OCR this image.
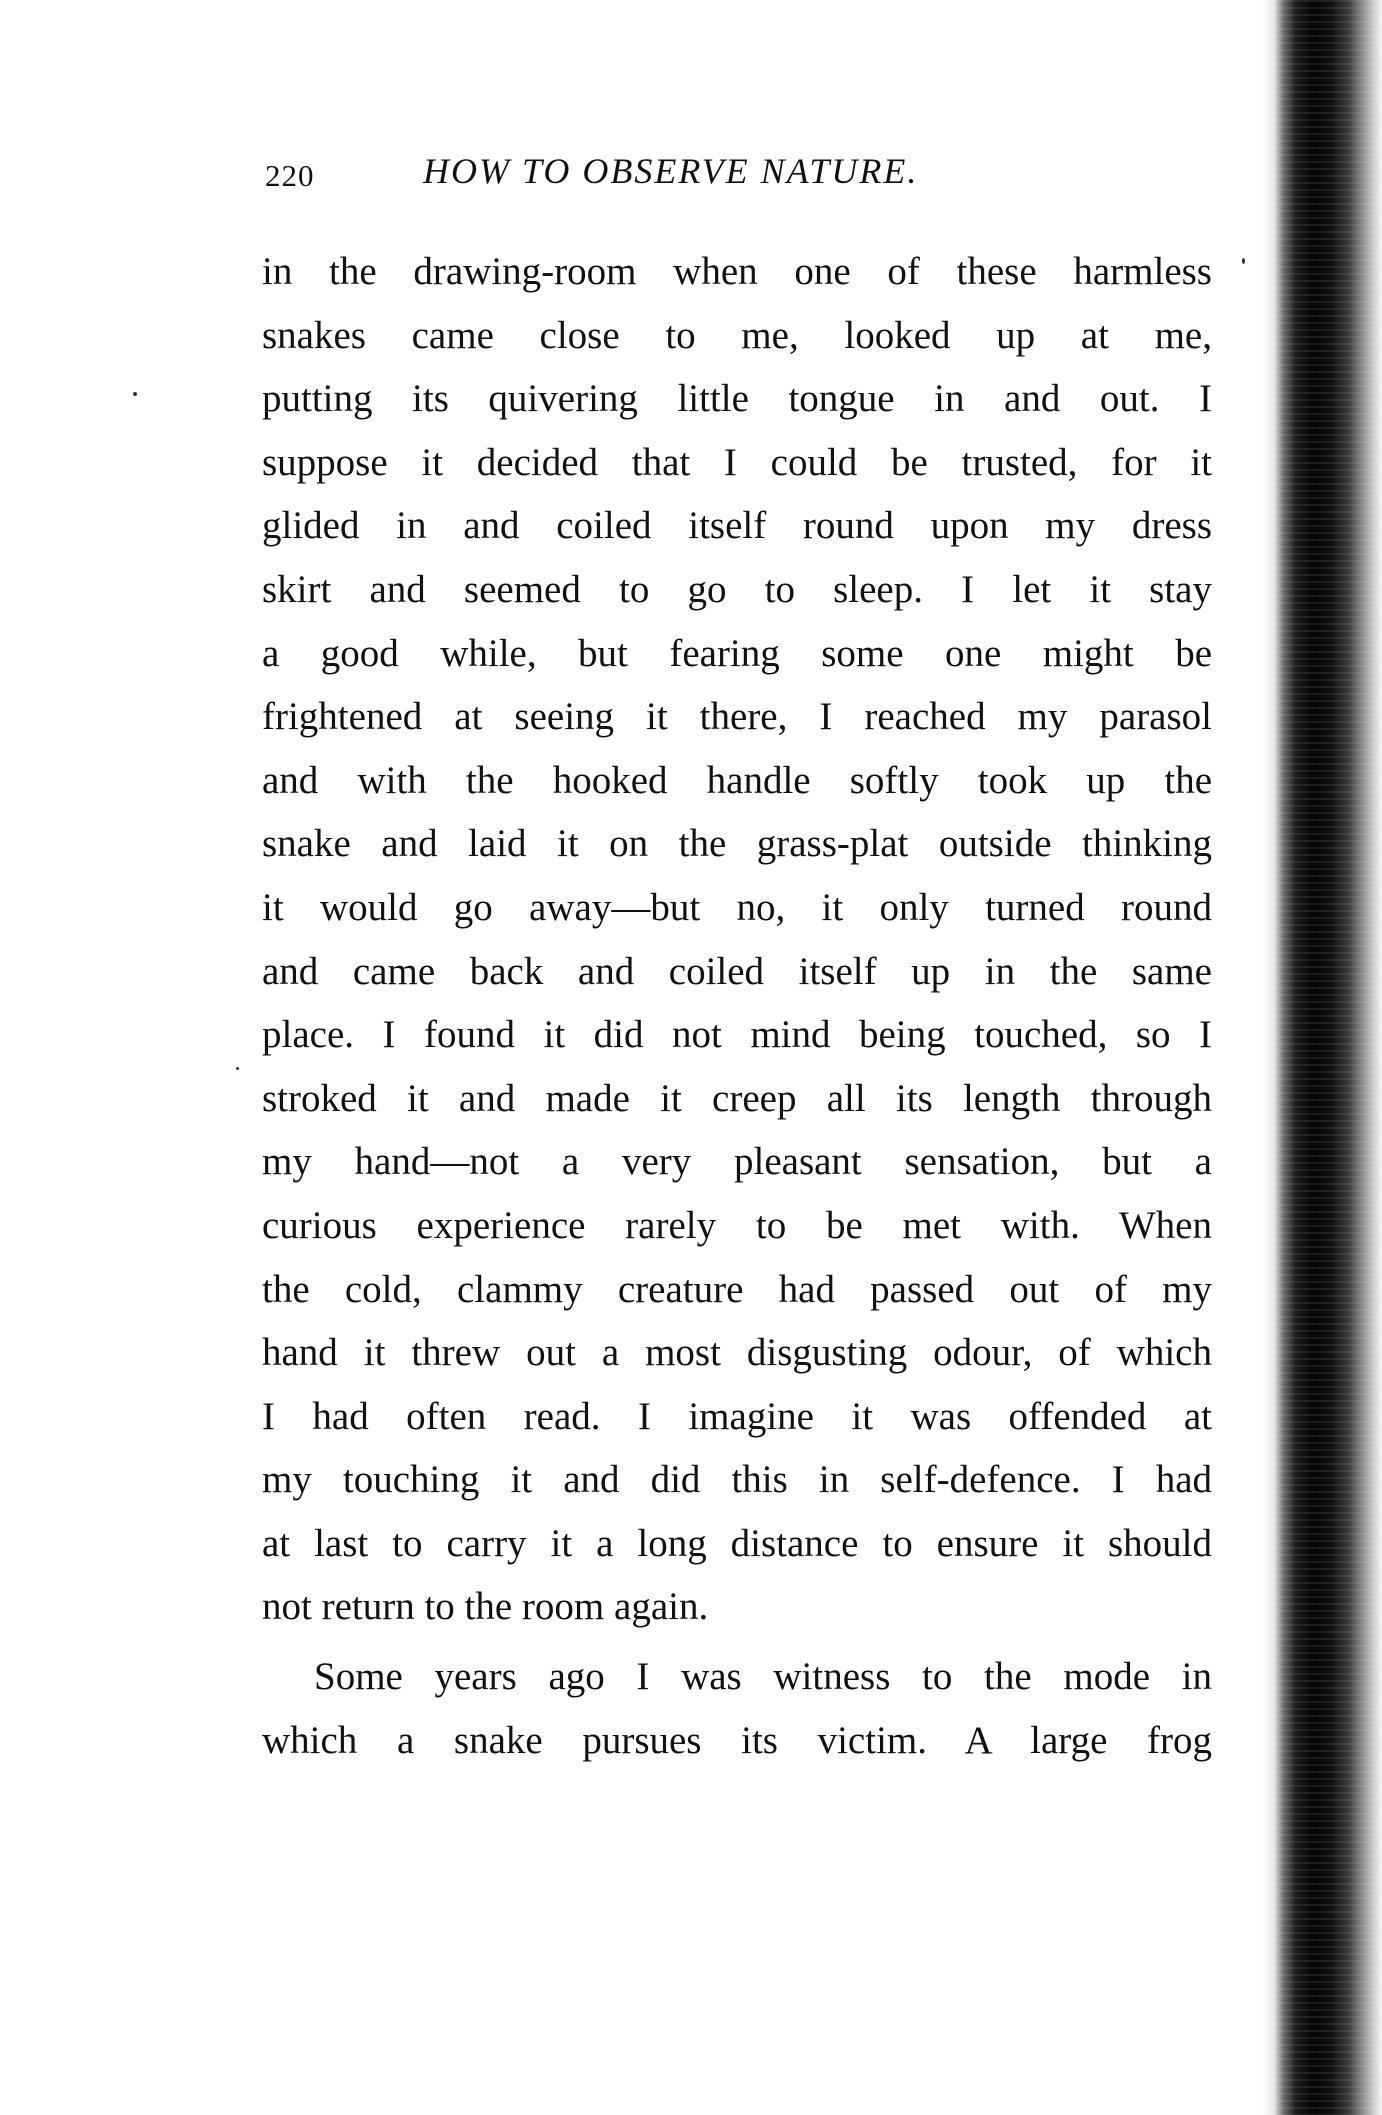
220	HOW TO OBSERVE NATURE.
in the drawing-room when one of these harmless
snakes came close to me, looked up at me,
putting its quivering little tongue in and out. I
suppose it decided that I could be trusted, for it
glided in and coiled itself round upon my dress
skirt and seemed to go to sleep. I let it stay
a good while, but fearing some one might be
frightened at seeing it there, I reached my parasol
and with the hooked handle softly took up the
snake and laid it on the grass-plat outside thinking
it would go away—but no, it only turned round
and came back and coiled itself up in the same
place. I found it did not mind being touched, so I
stroked it and made it creep all its length through
my hand—not a very pleasant sensation, but a
curious experience rarely to be met with. When
the cold, clammy creature had passed out of my
hand it threw out a most disgusting odour, of which
I had often read. I imagine it was offended at
my touching it and did this in self-defence. I had
at last to carry it a long distance to ensure it should
not return to the room again.
Some years ago I was witness to the mode in
which a snake pursues its victim. A large frog
